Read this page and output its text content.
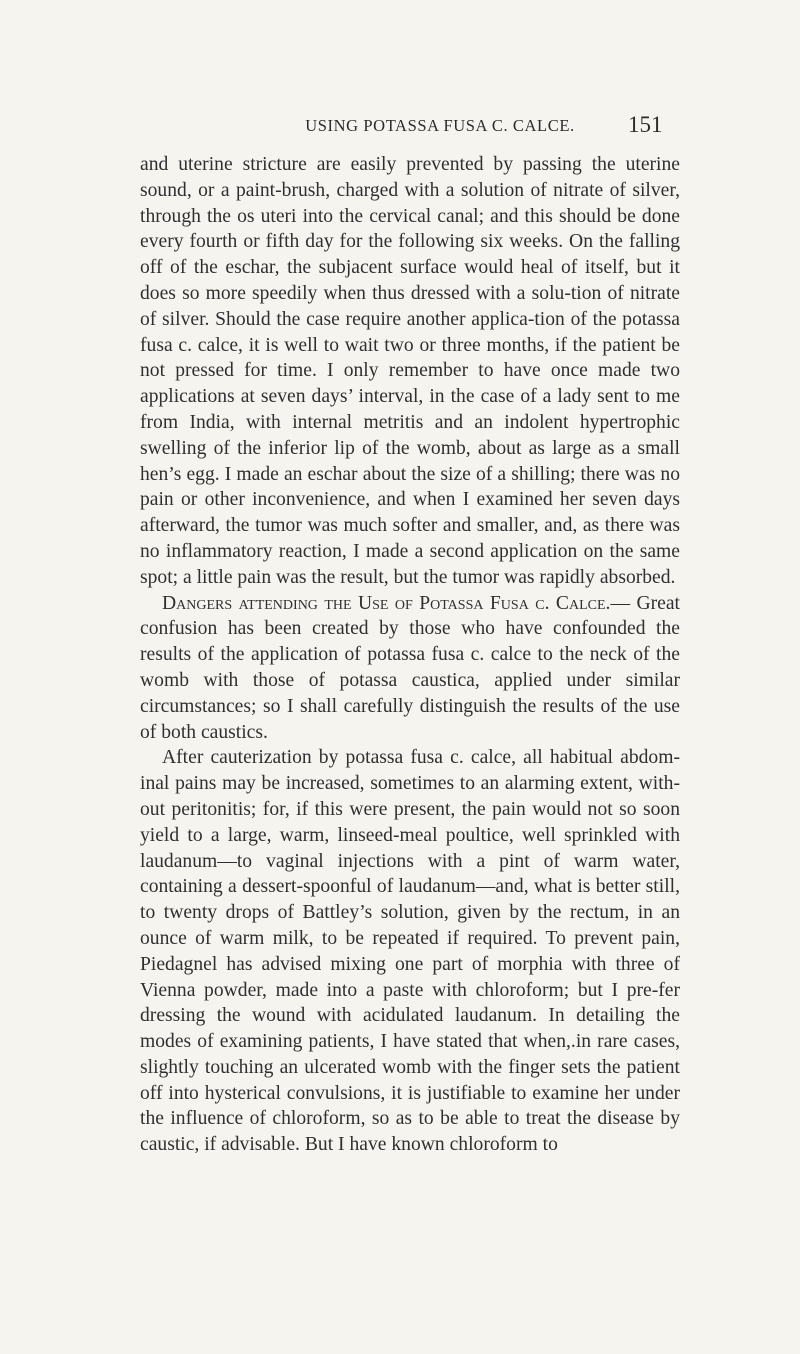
USING POTASSA FUSA C. CALCE.	151

and uterine stricture are easily prevented by passing the uterine sound, or a paint-brush, charged with a solution of nitrate of silver, through the os uteri into the cervical canal; and this should be done every fourth or fifth day for the following six weeks. On the falling off of the eschar, the subjacent surface would heal of itself, but it does so more speedily when thus dressed with a solu-tion of nitrate of silver. Should the case require another applica-tion of the potassa fusa c. calce, it is well to wait two or three months, if the patient be not pressed for time. I only remember to have once made two applications at seven days’ interval, in the case of a lady sent to me from India, with internal metritis and an indolent hypertrophic swelling of the inferior lip of the womb, about as large as a small hen’s egg. I made an eschar about the size of a shilling; there was no pain or other inconvenience, and when I examined her seven days afterward, the tumor was much softer and smaller, and, as there was no inflammatory reaction, I made a second application on the same spot; a little pain was the result, but the tumor was rapidly absorbed.

Dangers attending the Use of Potassa Fusa c. Calce.— Great confusion has been created by those who have confounded the results of the application of potassa fusa c. calce to the neck of the womb with those of potassa caustica, applied under similar circumstances; so I shall carefully distinguish the results of the use of both caustics.

After cauterization by potassa fusa c. calce, all habitual abdom-inal pains may be increased, sometimes to an alarming extent, with-out peritonitis; for, if this were present, the pain would not so soon yield to a large, warm, linseed-meal poultice, well sprinkled with laudanum—to vaginal injections with a pint of warm water, containing a dessert-spoonful of laudanum—and, what is better still, to twenty drops of Battley’s solution, given by the rectum, in an ounce of warm milk, to be repeated if required. To prevent pain, Piedagnel has advised mixing one part of morphia with three of Vienna powder, made into a paste with chloroform; but I pre-fer dressing the wound with acidulated laudanum. In detailing the modes of examining patients, I have stated that when,.in rare cases, slightly touching an ulcerated womb with the finger sets the patient off into hysterical convulsions, it is justifiable to examine her under the influence of chloroform, so as to be able to treat the disease by caustic, if advisable. But I have known chloroform to
